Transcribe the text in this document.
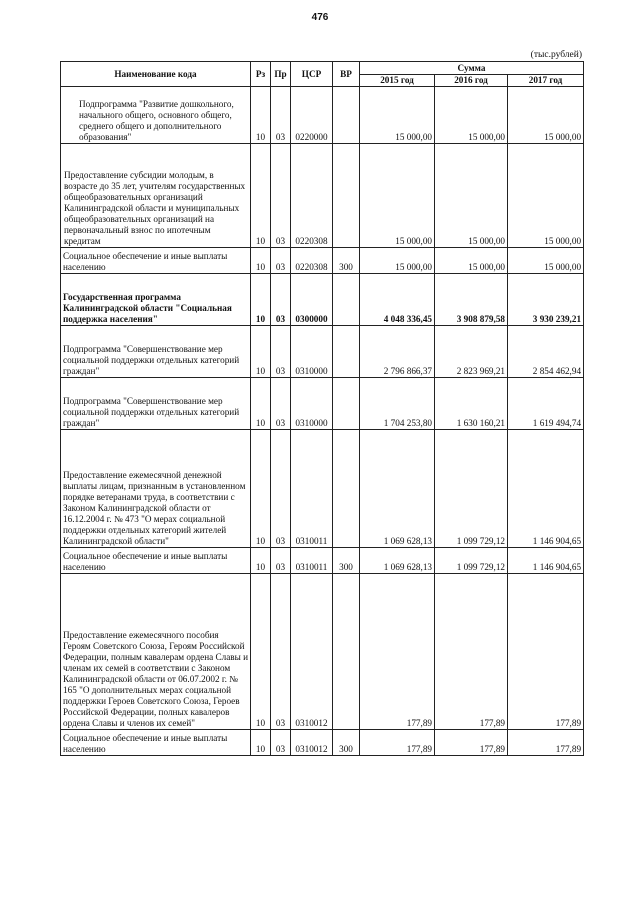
476
(тыс.рублей)
Наименование кода	Рз	Пр	ЦСР	ВР	Сумма		
					2015 год	2016 год	2017 год
Подпрограмма "Развитие дошкольного, начального общего, основного общего, среднего общего и дополнительного образования"	10	03	0220000		15 000,00	15 000,00	15 000,00
Предоставление субсидии молодым, в возрасте до 35 лет, учителям государственных общеобразовательных организаций Калининградской области и муниципальных общеобразовательных организаций на первоначальный взнос по ипотечным кредитам	10	03	0220308		15 000,00	15 000,00	15 000,00
Социальное обеспечение и иные выплаты населению	10	03	0220308	300	15 000,00	15 000,00	15 000,00
Государственная программа Калининградской области "Социальная поддержка населения"	10	03	0300000		4 048 336,45	3 908 879,58	3 930 239,21
Подпрограмма "Совершенствование мер социальной поддержки отдельных категорий граждан"	10	03	0310000		2 796 866,37	2 823 969,21	2 854 462,94
Подпрограмма "Совершенствование мер социальной поддержки отдельных категорий граждан"	10	03	0310000		1 704 253,80	1 630 160,21	1 619 494,74
Предоставление ежемесячной денежной выплаты лицам, признанным в установленном порядке ветеранами труда, в соответствии с Законом Калининградской области от 16.12.2004 г. № 473 "О мерах социальной поддержки отдельных категорий жителей Калининградской области"	10	03	0310011		1 069 628,13	1 099 729,12	1 146 904,65
Социальное обеспечение и иные выплаты населению	10	03	0310011	300	1 069 628,13	1 099 729,12	1 146 904,65
Предоставление ежемесячного пособия Героям Советского Союза, Героям Российской Федерации, полным кавалерам ордена Славы и членам их семей в соответствии с Законом Калининградской области от 06.07.2002 г. № 165 "О дополнительных мерах социальной поддержки Героев Советского Союза, Героев Российской Федерации, полных кавалеров ордена Славы и членов их семей"	10	03	0310012		177,89	177,89	177,89
Социальное обеспечение и иные выплаты населению	10	03	0310012	300	177,89	177,89	177,89
